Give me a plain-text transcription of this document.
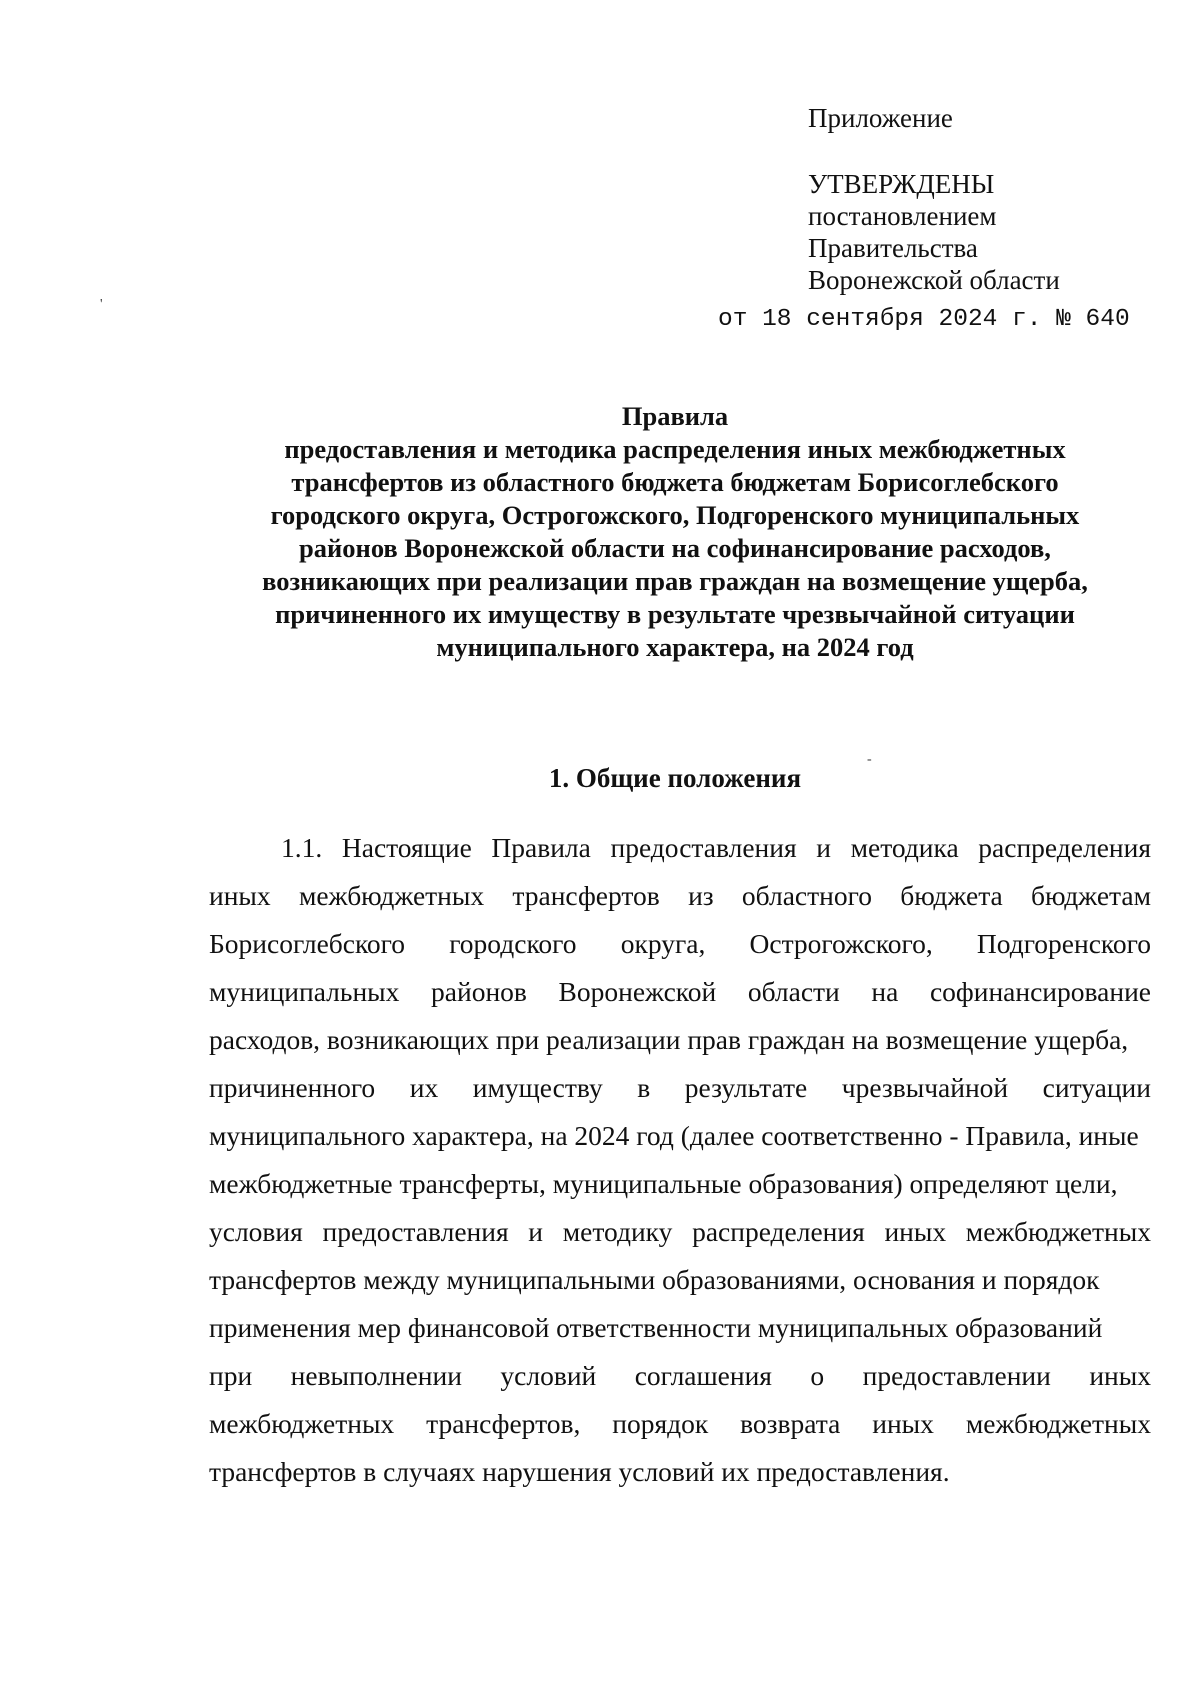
Приложение

УТВЕРЖДЕНЫ

постановлением

Правительства

Воронежской области

от 18 сентября 2024 г. № 640
'
-
Правила
предоставления и методика распределения иных межбюджетных
трансфертов из областного бюджета бюджетам Борисоглебского
городского округа, Острогожского, Подгоренского муниципальных
районов Воронежской области на софинансирование расходов,
возникающих при реализации прав граждан на возмещение ущерба,
причиненного их имуществу в результате чрезвычайной ситуации
муниципального характера, на 2024 год
1. Общие положения
1.1. Настоящие Правила предоставления и методика распределения
иных межбюджетных трансфертов из областного бюджета бюджетам
Борисоглебского городского округа, Острогожского, Подгоренского
муниципальных районов Воронежской области на софинансирование
расходов, возникающих при реализации прав граждан на возмещение ущерба,
причиненного их имуществу в результате чрезвычайной ситуации
муниципального характера, на 2024 год (далее соответственно - Правила, иные
межбюджетные трансферты, муниципальные образования) определяют цели,
условия предоставления и методику распределения иных межбюджетных
трансфертов между муниципальными образованиями, основания и порядок
применения мер финансовой ответственности муниципальных образований
при невыполнении условий соглашения о предоставлении иных
межбюджетных трансфертов, порядок возврата иных межбюджетных
трансфертов в случаях нарушения условий их предоставления.
